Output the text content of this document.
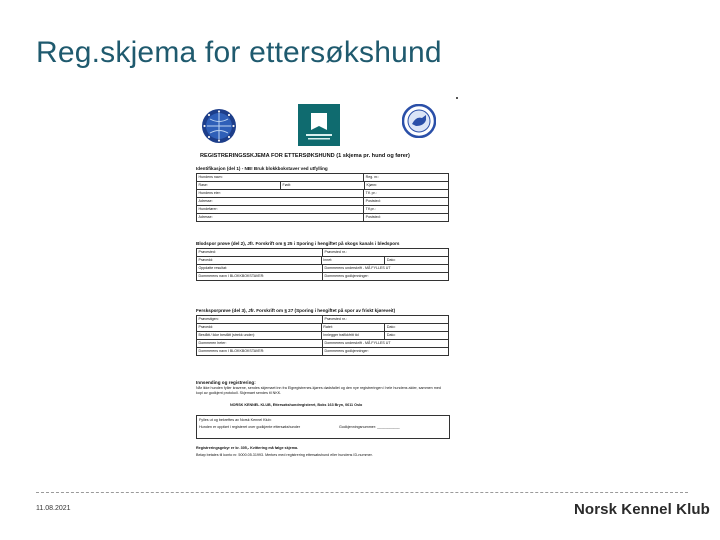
Reg.skjema for ettersøkshund
REGISTRERINGSSKJEMA FOR ETTERSØKSHUND (1 skjema pr. hund og fører)
Identifikasjon (del 1) - NB! Bruk blokkbokstaver ved utfylling
Hundens navn:	Reg. nr.:
Rase:	Født:	Kjønn:
Hundens eier:	Tlf. pr.:
Adresse:	Poststed:
Hundefører:	Tlf.pr.:
Adresse:	Poststed:
Blodspor prøve (del 2), Jfr. Forskrift om § 25 i Sporing i hengiftet på skogs kanals i bledspors
Prøvested:	Prøvested nr.:
Prøvedd:	Innet:	Dato:
Oppdatte resultat:	Dommerens underskrift - MÅ FYLLES UT
Dommerens navn I BLOKKBOKSTAVER:	Dommerens godkjenninger:
Fersksporprøve (del 3), Jfr. Forskrift om § 27 (Sporing i hengiftet på spor av friskt kjøreveit)
Prøvestigen:	Prøvested nr.:
Prøvedd:	Ratet:	Dato:
Bestått / ikke bestått (strekk under):	Innlegger trafikkfritt tid	Dato:
Dommeren heter:	Dommerens underskrift - MÅ FYLLES UT
Dommerens navn I BLOKKBOKSTAVER:	Dommerens godkjenninger:
Innsending og registrering:
Når ikke hunden fyller kravene, sendes skjemaet inn fra Elgregistrenes-kjøres dødsfallet og den nye registreringen i hele hundens alder, sammen med kopi av godkjent protokoll. Skjemaet sendes til NKK.
NORSK KENNEL KLUB, Ettersøkshundregisteret, Boks 163 Bryn, 0611 Oslo
Fylles ut og bekreftes av Norsk Kennel Klub:
Hunden er oppført i registeret over godkjente ettersøkshunder	Godkjenningsnummer: ___________
Registreringsgebyr er kr. 305,- Kvittering må følge skjema.
Beløp betales til konto nr. 5000.05.31993. Merkes med registrering ettersøkshund eller hundens ID-nummer.
11.08.2021	Norsk Kennel Klub
